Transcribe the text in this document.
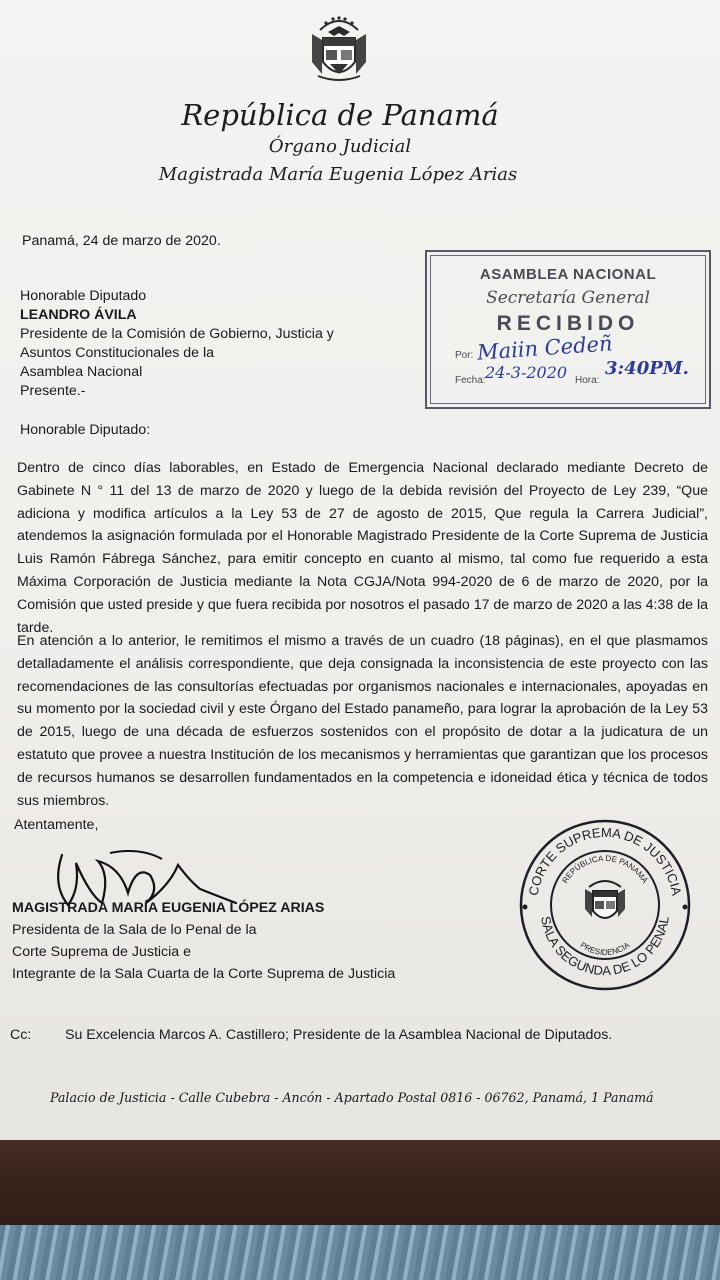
República de Panamá
Órgano Judicial
Magistrada María Eugenia López Arias
Panamá, 24 de marzo de 2020.
Honorable Diputado
LEANDRO ÁVILA
Presidente de la Comisión de Gobierno, Justicia y
Asuntos Constitucionales de la
Asamblea Nacional
Presente.-
ASAMBLEA NACIONAL
Secretaría General
RECIBIDO
Por: Maiin Cedeñ
Fecha: 24-3-2020 Hora:
3:40PM.
Honorable Diputado:
Dentro de cinco días laborables, en Estado de Emergencia Nacional declarado mediante Decreto de Gabinete N ° 11 del 13 de marzo de 2020 y luego de la debida revisión del Proyecto de Ley 239, “Que adiciona y modifica artículos a la Ley 53 de 27 de agosto de 2015, Que regula la Carrera Judicial”, atendemos la asignación formulada por el Honorable Magistrado Presidente de la Corte Suprema de Justicia Luis Ramón Fábrega Sánchez, para emitir concepto en cuanto al mismo, tal como fue requerido a esta Máxima Corporación de Justicia mediante la Nota CGJA/Nota 994-2020 de 6 de marzo de 2020, por la Comisión que usted preside y que fuera recibida por nosotros el pasado 17 de marzo de 2020 a las 4:38 de la tarde.
En atención a lo anterior, le remitimos el mismo a través de un cuadro (18 páginas), en el que plasmamos detalladamente el análisis correspondiente, que deja consignada la inconsistencia de este proyecto con las recomendaciones de las consultorías efectuadas por organismos nacionales e internacionales, apoyadas en su momento por la sociedad civil y este Órgano del Estado panameño, para lograr la aprobación de la Ley 53 de 2015, luego de una década de esfuerzos sostenidos con el propósito de dotar a la judicatura de un estatuto que provee a nuestra Institución de los mecanismos y herramientas que garantizan que los procesos de recursos humanos se desarrollen fundamentados en la competencia e idoneidad ética y técnica de todos sus miembros.
Atentamente,
MAGISTRADA MARÍA EUGENIA LÓPEZ ARIAS
Presidenta de la Sala de lo Penal de la
Corte Suprema de Justicia e
Integrante de la Sala Cuarta de la Corte Suprema de Justicia
CORTE SUPREMA DE JUSTICIA
SALA SEGUNDA DE LO PENAL
REPÚBLICA DE PANAMÁ
PRESIDENCIA
Cc: Su Excelencia Marcos A. Castillero; Presidente de la Asamblea Nacional de Diputados.
Palacio de Justicia - Calle Cubebra - Ancón - Apartado Postal 0816 - 06762, Panamá, 1 Panamá
